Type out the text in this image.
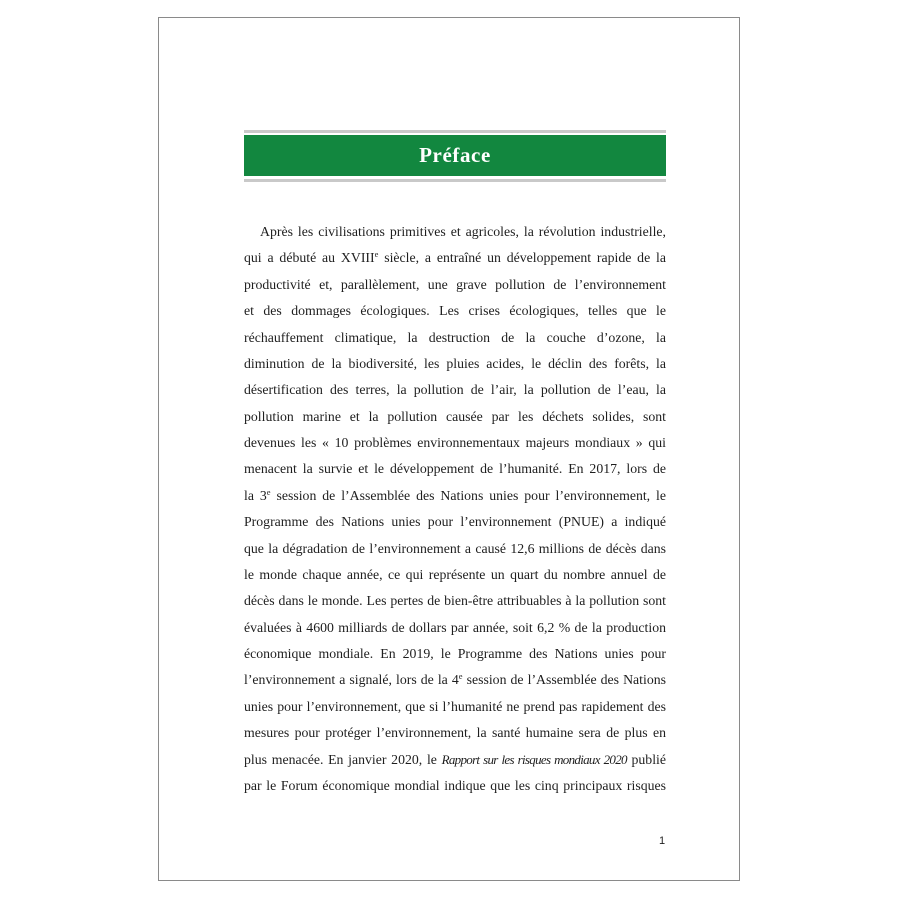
Préface
Après les civilisations primitives et agricoles, la révolution industrielle,
qui a débuté au XVIIIe siècle, a entraîné un développement rapide de la
productivité et, parallèlement, une grave pollution de l’environnement
et des dommages écologiques. Les crises écologiques, telles que le
réchauffement climatique, la destruction de la couche d’ozone, la
diminution de la biodiversité, les pluies acides, le déclin des forêts, la
désertification des terres, la pollution de l’air, la pollution de l’eau, la
pollution marine et la pollution causée par les déchets solides, sont
devenues les « 10 problèmes environnementaux majeurs mondiaux » qui
menacent la survie et le développement de l’humanité. En 2017, lors de
la 3e session de l’Assemblée des Nations unies pour l’environnement, le
Programme des Nations unies pour l’environnement (PNUE) a indiqué
que la dégradation de l’environnement a causé 12,6 millions de décès dans
le monde chaque année, ce qui représente un quart du nombre annuel de
décès dans le monde. Les pertes de bien-être attribuables à la pollution sont
évaluées à 4600 milliards de dollars par année, soit 6,2 % de la production
économique mondiale. En 2019, le Programme des Nations unies pour
l’environnement a signalé, lors de la 4e session de l’Assemblée des Nations
unies pour l’environnement, que si l’humanité ne prend pas rapidement des
mesures pour protéger l’environnement, la santé humaine sera de plus en
plus menacée. En janvier 2020, le Rapport sur les risques mondiaux 2020 publié
par le Forum économique mondial indique que les cinq principaux risques
1
